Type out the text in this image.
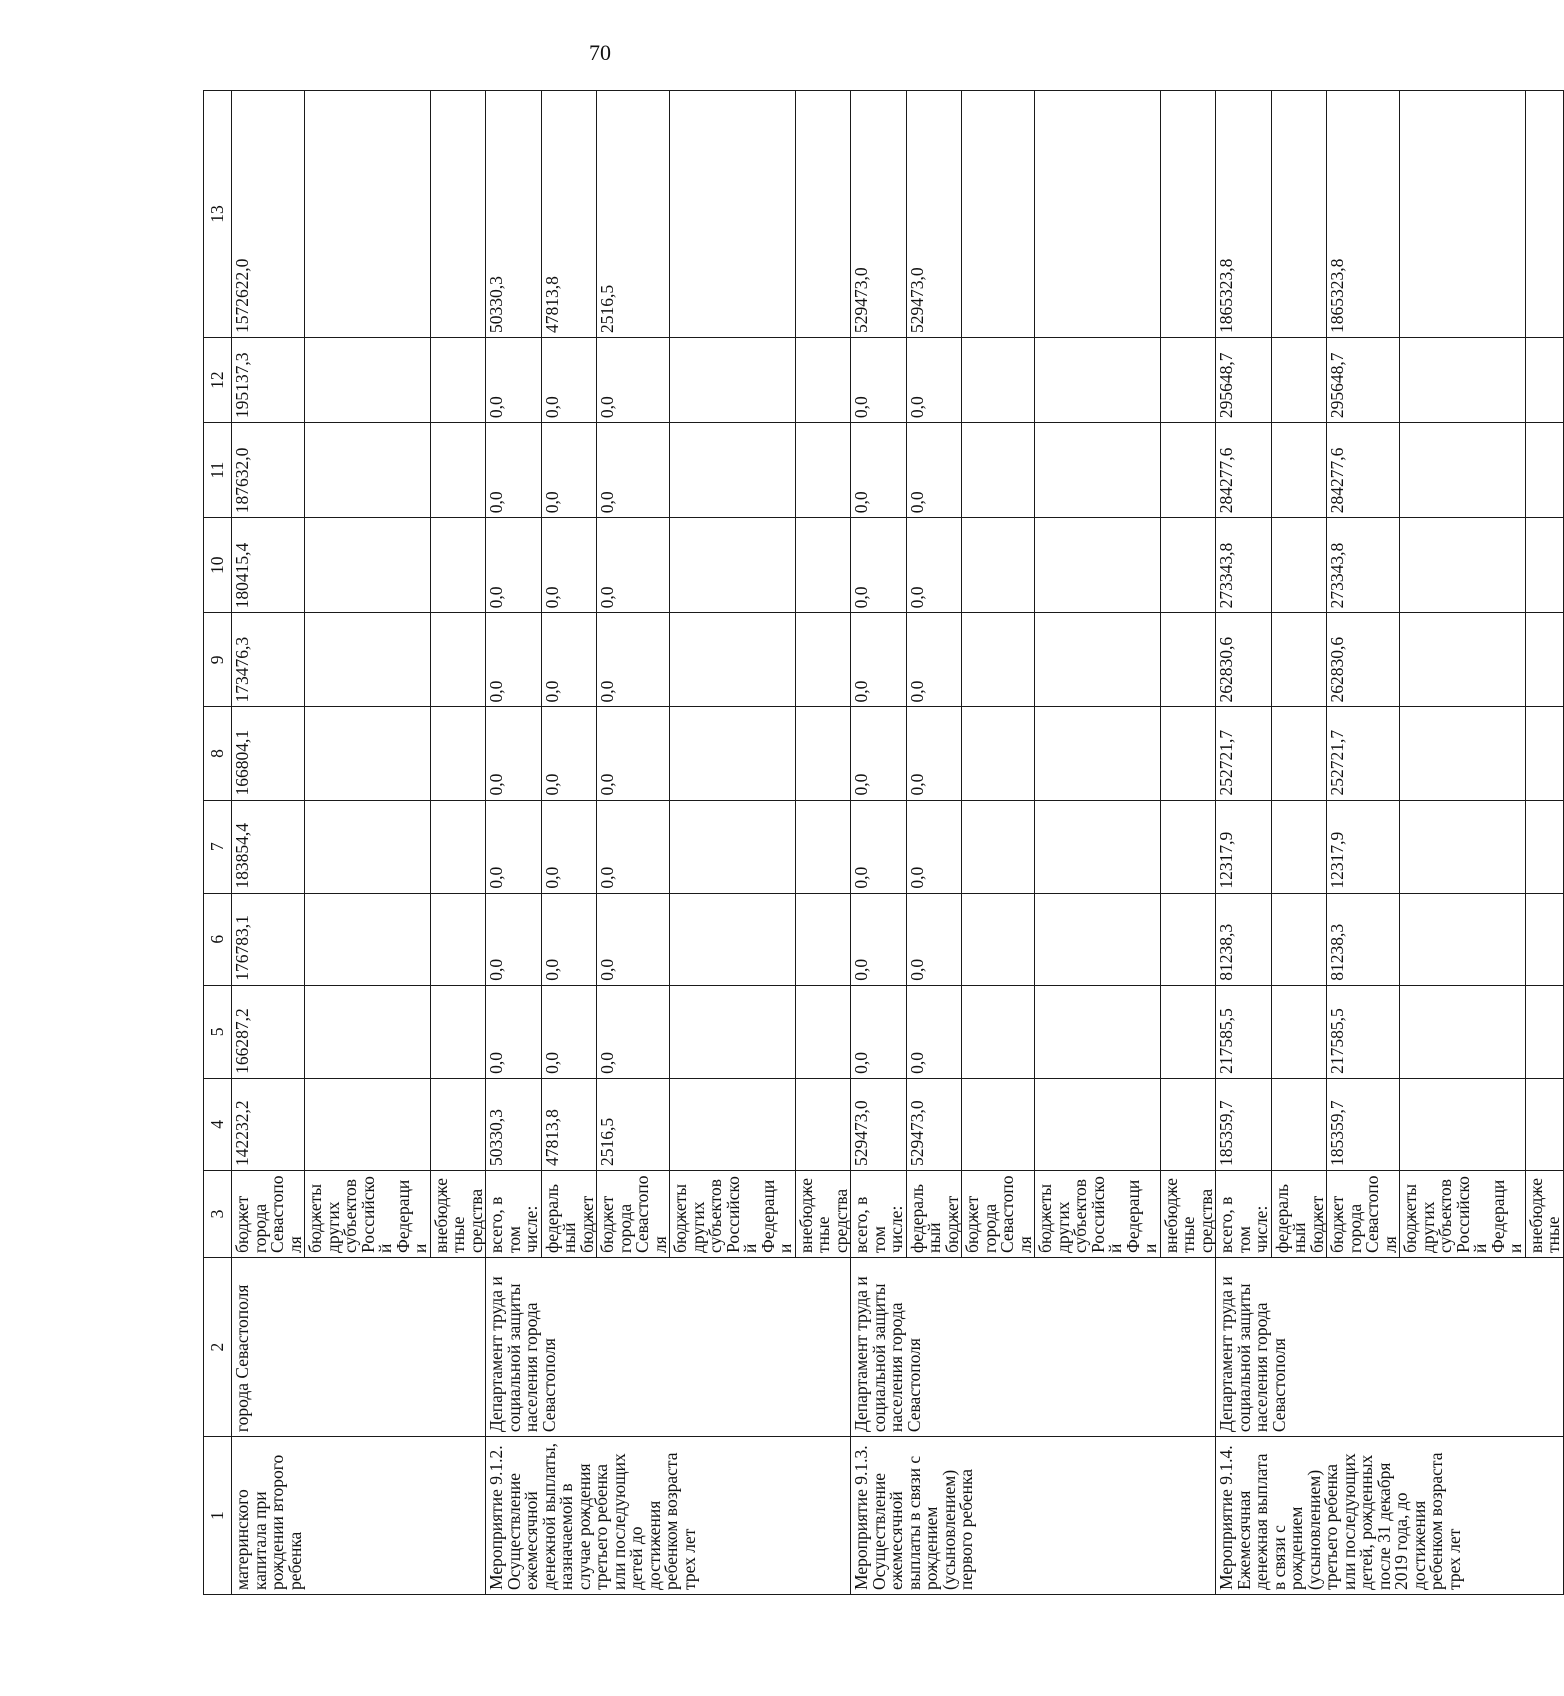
70
1	2	3	4	5	6	7	8	9	10	11	12	13
материнского капитала при рождении второго ребенка	города Севастополя	бюджет города Севастополя	142232,2	166287,2	176783,1	183854,4	166804,1	173476,3	180415,4	187632,0	195137,3	1572622,0
		бюджеты других субъектов Российской Федерации										
		внебюджетные средства										
Мероприятие 9.1.2. Осуществление ежемесячной денежной выплаты, назначаемой в случае рождения третьего ребенка или последующих детей до достижения ребенком возраста трех лет	Департамент труда и социальной защиты населения города Севастополя	всего, в том числе:	50330,3	0,0	0,0	0,0	0,0	0,0	0,0	0,0	0,0	50330,3
		федеральный бюджет	47813,8	0,0	0,0	0,0	0,0	0,0	0,0	0,0	0,0	47813,8
		бюджет города Севастополя	2516,5	0,0	0,0	0,0	0,0	0,0	0,0	0,0	0,0	2516,5
		бюджеты других субъектов Российской Федерации										
		внебюджетные средства										
Мероприятие 9.1.3. Осуществление ежемесячной выплаты в связи с рождением (усыновлением) первого ребенка	Департамент труда и социальной защиты населения города Севастополя	всего, в том числе:	529473,0	0,0	0,0	0,0	0,0	0,0	0,0	0,0	0,0	529473,0
		федеральный бюджет	529473,0	0,0	0,0	0,0	0,0	0,0	0,0	0,0	0,0	529473,0
		бюджет города Севастополя										
		бюджеты других субъектов Российской Федерации										
		внебюджетные средства										
Мероприятие 9.1.4. Ежемесячная денежная выплата в связи с рождением (усыновлением) третьего ребенка или последующих детей, рожденных после 31 декабря 2019 года, до достижения ребенком возраста трех лет	Департамент труда и социальной защиты населения города Севастополя	всего, в том числе:	185359,7	217585,5	81238,3	12317,9	252721,7	262830,6	273343,8	284277,6	295648,7	1865323,8
		федеральный бюджет										
		бюджет города Севастополя	185359,7	217585,5	81238,3	12317,9	252721,7	262830,6	273343,8	284277,6	295648,7	1865323,8
		бюджеты других субъектов Российской Федерации										
		внебюджетные										
